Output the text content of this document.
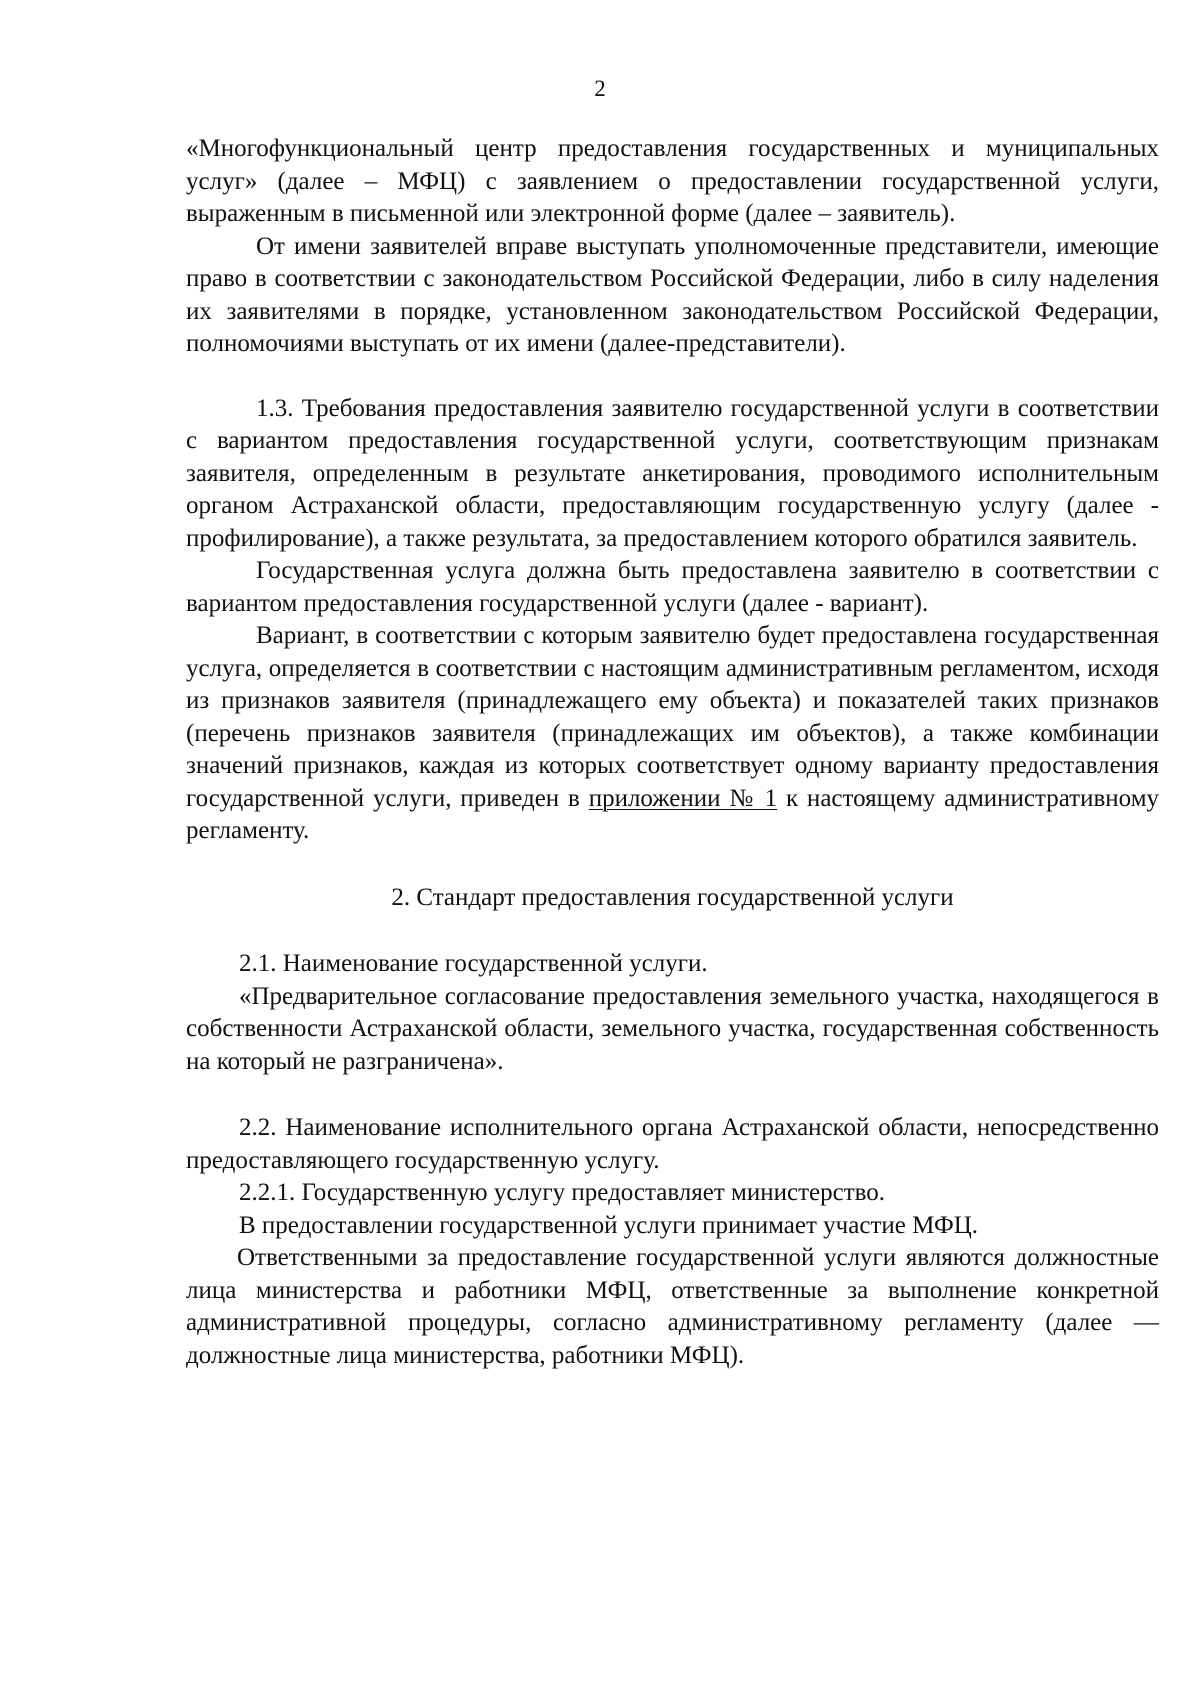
2

«Многофункциональный центр предоставления государственных и муниципальных услуг» (далее – МФЦ) с заявлением о предоставлении государственной услуги, выраженным в письменной или электронной форме (далее – заявитель).

От имени заявителей вправе выступать уполномоченные представители, имеющие право в соответствии с законодательством Российской Федерации, либо в силу наделения их заявителями в порядке, установленном законодательством Российской Федерации, полномочиями выступать от их имени (далее-представители).

1.3. Требования предоставления заявителю государственной услуги в соответствии с вариантом предоставления государственной услуги, соответствующим признакам заявителя, определенным в результате анкетирования, проводимого исполнительным органом Астраханской области, предоставляющим государственную услугу (далее - профилирование), а также результата, за предоставлением которого обратился заявитель.

Государственная услуга должна быть предоставлена заявителю в соответствии с вариантом предоставления государственной услуги (далее - вариант).

Вариант, в соответствии с которым заявителю будет предоставлена государственная услуга, определяется в соответствии с настоящим административным регламентом, исходя из признаков заявителя (принадлежащего ему объекта) и показателей таких признаков (перечень признаков заявителя (принадлежащих им объектов), а также комбинации значений признаков, каждая из которых соответствует одному варианту предоставления государственной услуги, приведен в приложении № 1 к настоящему административному регламенту.

2. Стандарт предоставления государственной услуги

2.1. Наименование государственной услуги.

«Предварительное согласование предоставления земельного участка, находящегося в собственности Астраханской области, земельного участка, государственная собственность на который не разграничена».

2.2. Наименование исполнительного органа Астраханской области, непосредственно предоставляющего государственную услугу.

2.2.1. Государственную услугу предоставляет министерство.

В предоставлении государственной услуги принимает участие МФЦ.

Ответственными за предоставление государственной услуги являются должностные лица министерства и работники МФЦ, ответственные за выполнение конкретной административной процедуры, согласно административному регламенту (далее — должностные лица министерства, работники МФЦ).
